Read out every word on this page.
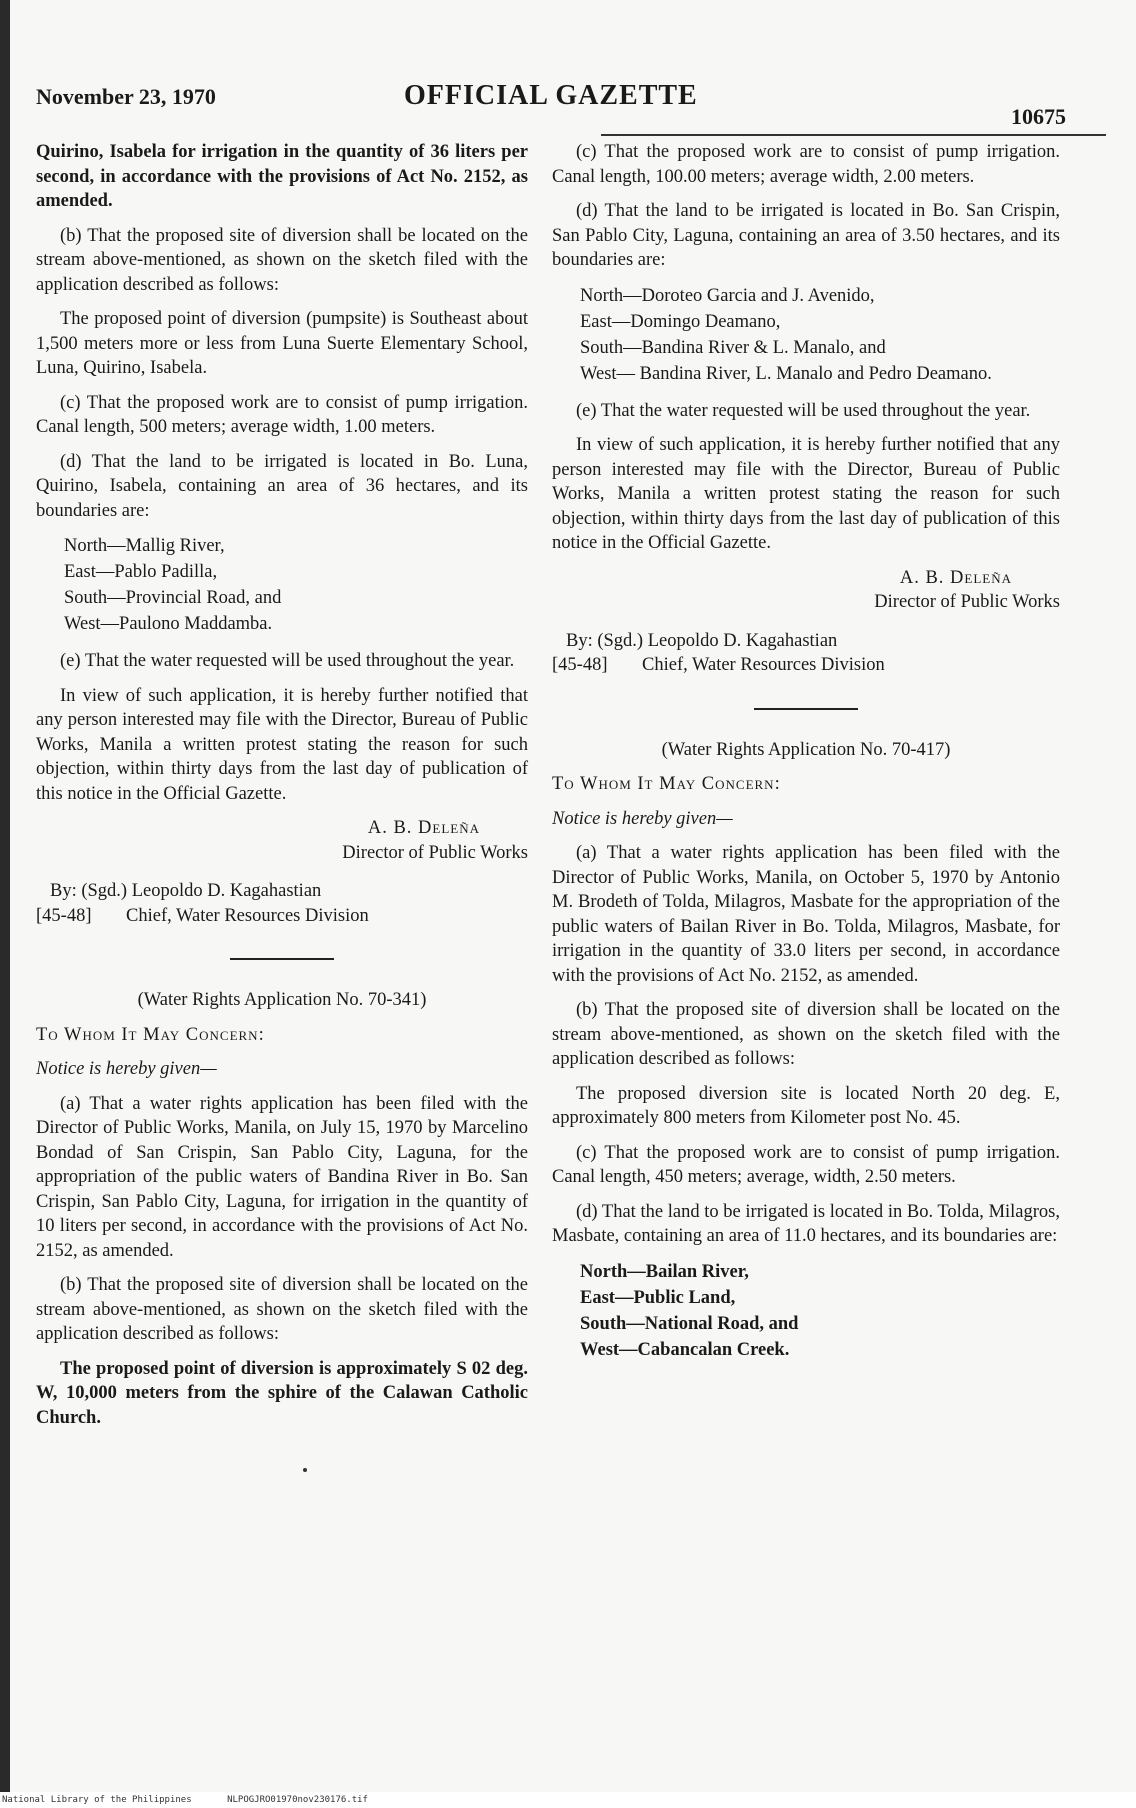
November 23, 1970	OFFICIAL GAZETTE
10675

Quirino, Isabela for irrigation in the quantity of 36 liters per second, in accordance with the provisions of Act No. 2152, as amended.

(b) That the proposed site of diversion shall be located on the stream above-mentioned, as shown on the sketch filed with the application described as follows:

The proposed point of diversion (pumpsite) is Southeast about 1,500 meters more or less from Luna Suerte Elementary School, Luna, Quirino, Isabela.

(c) That the proposed work are to consist of pump irrigation. Canal length, 500 meters; average width, 1.00 meters.

(d) That the land to be irrigated is located in Bo. Luna, Quirino, Isabela, containing an area of 36 hectares, and its boundaries are:

North—Mallig River,
East—Pablo Padilla,
South—Provincial Road, and
West—Paulono Maddamba.

(e) That the water requested will be used throughout the year.

In view of such application, it is hereby further notified that any person interested may file with the Director, Bureau of Public Works, Manila a written protest stating the reason for such objection, within thirty days from the last day of publication of this notice in the Official Gazette.

A. B. Deleña

Director of Public Works

By: (Sgd.) Leopoldo D. Kagahastian
[45-48]	Chief, Water Resources Division

(Water Rights Application No. 70-341)

To Whom It May Concern:

Notice is hereby given—

(a) That a water rights application has been filed with the Director of Public Works, Manila, on July 15, 1970 by Marcelino Bondad of San Crispin, San Pablo City, Laguna, for the appropriation of the public waters of Bandina River in Bo. San Crispin, San Pablo City, Laguna, for irrigation in the quantity of 10 liters per second, in accordance with the provisions of Act No. 2152, as amended.

(b) That the proposed site of diversion shall be located on the stream above-mentioned, as shown on the sketch filed with the application described as follows:

The proposed point of diversion is approximately S 02 deg. W, 10,000 meters from the sphire of the Calawan Catholic Church.

(c) That the proposed work are to consist of pump irrigation. Canal length, 100.00 meters; average width, 2.00 meters.

(d) That the land to be irrigated is located in Bo. San Crispin, San Pablo City, Laguna, containing an area of 3.50 hectares, and its boundaries are:

North—Doroteo Garcia and J. Avenido,
East—Domingo Deamano,
South—Bandina River & L. Manalo, and
West— Bandina River, L. Manalo and Pedro Deamano.

(e) That the water requested will be used throughout the year.

In view of such application, it is hereby further notified that any person interested may file with the Director, Bureau of Public Works, Manila a written protest stating the reason for such objection, within thirty days from the last day of publication of this notice in the Official Gazette.

A. B. Deleña

Director of Public Works

By: (Sgd.) Leopoldo D. Kagahastian
[45-48]	Chief, Water Resources Division

(Water Rights Application No. 70-417)

To Whom It May Concern:

Notice is hereby given—

(a) That a water rights application has been filed with the Director of Public Works, Manila, on October 5, 1970 by Antonio M. Brodeth of Tolda, Milagros, Masbate for the appropriation of the public waters of Bailan River in Bo. Tolda, Milagros, Masbate, for irrigation in the quantity of 33.0 liters per second, in accordance with the provisions of Act No. 2152, as amended.

(b) That the proposed site of diversion shall be located on the stream above-mentioned, as shown on the sketch filed with the application described as follows:

The proposed diversion site is located North 20 deg. E, approximately 800 meters from Kilometer post No. 45.

(c) That the proposed work are to consist of pump irrigation. Canal length, 450 meters; average, width, 2.50 meters.

(d) That the land to be irrigated is located in Bo. Tolda, Milagros, Masbate, containing an area of 11.0 hectares, and its boundaries are:

North—Bailan River,
East—Public Land,
South—National Road, and
West—Cabancalan Creek.
National Library of the Philippines	NLPOGJRO01970nov230176.tif
